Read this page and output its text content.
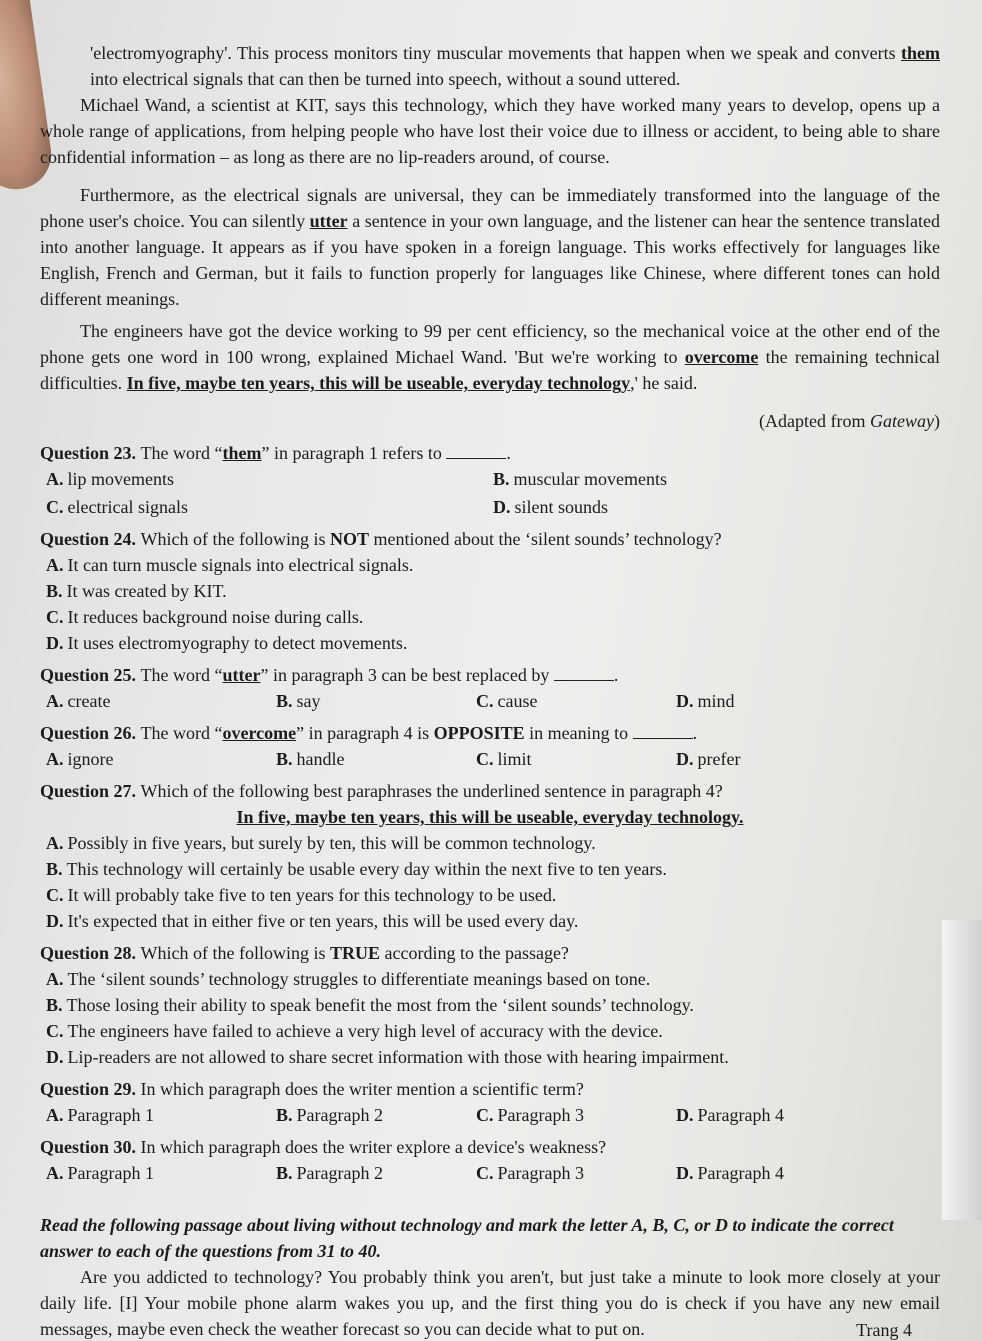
'electromyography'. This process monitors tiny muscular movements that happen when we speak and converts them into electrical signals that can then be turned into speech, without a sound uttered.

Michael Wand, a scientist at KIT, says this technology, which they have worked many years to develop, opens up a whole range of applications, from helping people who have lost their voice due to illness or accident, to being able to share confidential information – as long as there are no lip-readers around, of course.

Furthermore, as the electrical signals are universal, they can be immediately transformed into the language of the phone user's choice. You can silently utter a sentence in your own language, and the listener can hear the sentence translated into another language. It appears as if you have spoken in a foreign language. This works effectively for languages like English, French and German, but it fails to function properly for languages like Chinese, where different tones can hold different meanings.

The engineers have got the device working to 99 per cent efficiency, so the mechanical voice at the other end of the phone gets one word in 100 wrong, explained Michael Wand. 'But we're working to overcome the remaining technical difficulties. In five, maybe ten years, this will be useable, everyday technology,' he said.

(Adapted from Gateway)

Question 23. The word “them” in paragraph 1 refers to	.
A. lip movements	B. muscular movements
C. electrical signals	D. silent sounds
Question 24. Which of the following is NOT mentioned about the ‘silent sounds’ technology?
A. It can turn muscle signals into electrical signals.
B. It was created by KIT.
C. It reduces background noise during calls.
D. It uses electromyography to detect movements.
Question 25. The word “utter” in paragraph 3 can be best replaced by	.
A. create	B. say	C. cause	D. mind
Question 26. The word “overcome” in paragraph 4 is OPPOSITE in meaning to	.
A. ignore	B. handle	C. limit	D. prefer
Question 27. Which of the following best paraphrases the underlined sentence in paragraph 4?
In five, maybe ten years, this will be useable, everyday technology.
A. Possibly in five years, but surely by ten, this will be common technology.
B. This technology will certainly be usable every day within the next five to ten years.
C. It will probably take five to ten years for this technology to be used.
D. It's expected that in either five or ten years, this will be used every day.
Question 28. Which of the following is TRUE according to the passage?
A. The ‘silent sounds’ technology struggles to differentiate meanings based on tone.
B. Those losing their ability to speak benefit the most from the ‘silent sounds’ technology.
C. The engineers have failed to achieve a very high level of accuracy with the device.
D. Lip-readers are not allowed to share secret information with those with hearing impairment.
Question 29. In which paragraph does the writer mention a scientific term?
A. Paragraph 1	B. Paragraph 2	C. Paragraph 3	D. Paragraph 4
Question 30. In which paragraph does the writer explore a device's weakness?
A. Paragraph 1	B. Paragraph 2	C. Paragraph 3	D. Paragraph 4
Read the following passage about living without technology and mark the letter A, B, C, or D to indicate the correct answer to each of the questions from 31 to 40.

Are you addicted to technology? You probably think you aren't, but just take a minute to look more closely at your daily life. [I] Your mobile phone alarm wakes you up, and the first thing you do is check if you have any new email messages, maybe even check the weather forecast so you can decide what to put on.	Trang 4
